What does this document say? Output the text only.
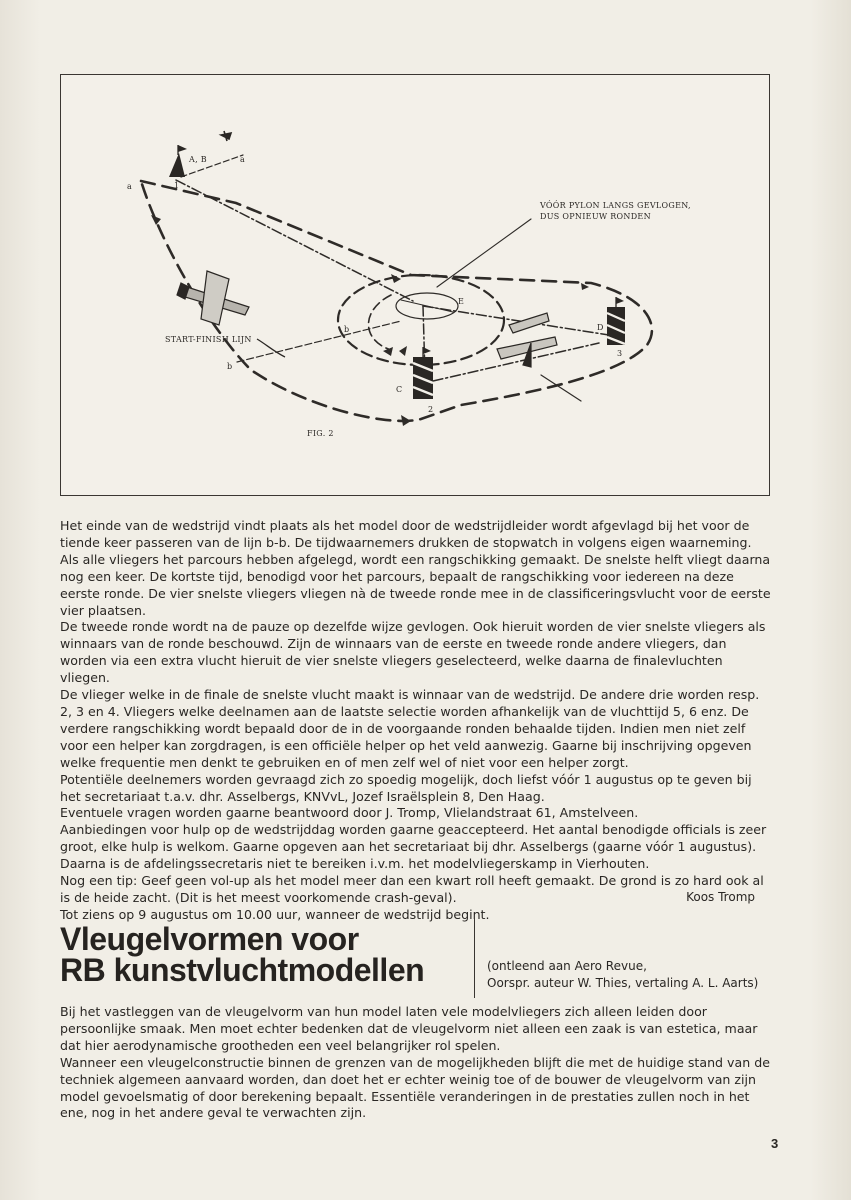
VÓÓR PYLON LANGS GEVLOGEN,
DUS OPNIEUW RONDEN
START-FINISH LIJN
A, B
a
a
1
b
b
C
2
D
3
E
FIG. 2

Het einde van de wedstrijd vindt plaats als het model door de wedstrijdleider wordt afgevlagd bij het voor de tiende keer passeren van de lijn b-b. De tijdwaarnemers drukken de stopwatch in volgens eigen waarneming.

Als alle vliegers het parcours hebben afgelegd, wordt een rangschikking gemaakt. De snelste helft vliegt daarna nog een keer. De kortste tijd, benodigd voor het parcours, bepaalt de rangschikking voor iedereen na deze eerste ronde. De vier snelste vliegers vliegen nà de tweede ronde mee in de classificeringsvlucht voor de eerste vier plaatsen.

De tweede ronde wordt na de pauze op dezelfde wijze gevlogen. Ook hieruit worden de vier snelste vliegers als winnaars van de ronde beschouwd. Zijn de winnaars van de eerste en tweede ronde andere vliegers, dan worden via een extra vlucht hieruit de vier snelste vliegers geselecteerd, welke daarna de finalevluchten vliegen.

De vlieger welke in de finale de snelste vlucht maakt is winnaar van de wedstrijd. De andere drie worden resp. 2, 3 en 4. Vliegers welke deelnamen aan de laatste selectie worden afhankelijk van de vluchttijd 5, 6 enz. De verdere rangschikking wordt bepaald door de in de voorgaande ronden behaalde tijden. Indien men niet zelf voor een helper kan zorgdragen, is een officiële helper op het veld aanwezig. Gaarne bij inschrijving opgeven welke frequentie men denkt te gebruiken en of men zelf wel of niet voor een helper zorgt.

Potentiële deelnemers worden gevraagd zich zo spoedig mogelijk, doch liefst vóór 1 augustus op te geven bij het secretariaat t.a.v. dhr. Asselbergs, KNVvL, Jozef Israëlsplein 8, Den Haag.

Eventuele vragen worden gaarne beantwoord door J. Tromp, Vlielandstraat 61, Amstelveen.

Aanbiedingen voor hulp op de wedstrijddag worden gaarne geaccepteerd. Het aantal benodigde officials is zeer groot, elke hulp is welkom. Gaarne opgeven aan het secretariaat bij dhr. Asselbergs (gaarne vóór 1 augustus). Daarna is de afdelingssecretaris niet te bereiken i.v.m. het modelvliegerskamp in Vierhouten.

Nog een tip: Geef geen vol-up als het model meer dan een kwart roll heeft gemaakt. De grond is zo hard ook al is de heide zacht. (Dit is het meest voorkomende crash-geval).

Tot ziens op 9 augustus om 10.00 uur, wanneer de wedstrijd begint.

Koos Tromp
Vleugelvormen voor
RB kunstvluchtmodellen	(ontleend aan Aero Revue,
Oorspr. auteur W. Thies, vertaling A. L. Aarts)

Bij het vastleggen van de vleugelvorm van hun model laten vele modelvliegers zich alleen leiden door persoonlijke smaak. Men moet echter bedenken dat de vleugelvorm niet alleen een zaak is van estetica, maar dat hier aerodynamische grootheden een veel belangrijker rol spelen.

Wanneer een vleugelconstructie binnen de grenzen van de mogelijkheden blijft die met de huidige stand van de techniek algemeen aanvaard worden, dan doet het er echter weinig toe of de bouwer de vleugelvorm van zijn model gevoelsmatig of door berekening bepaalt. Essentiële veranderingen in de prestaties zullen noch in het ene, nog in het andere geval te verwachten zijn.

3
